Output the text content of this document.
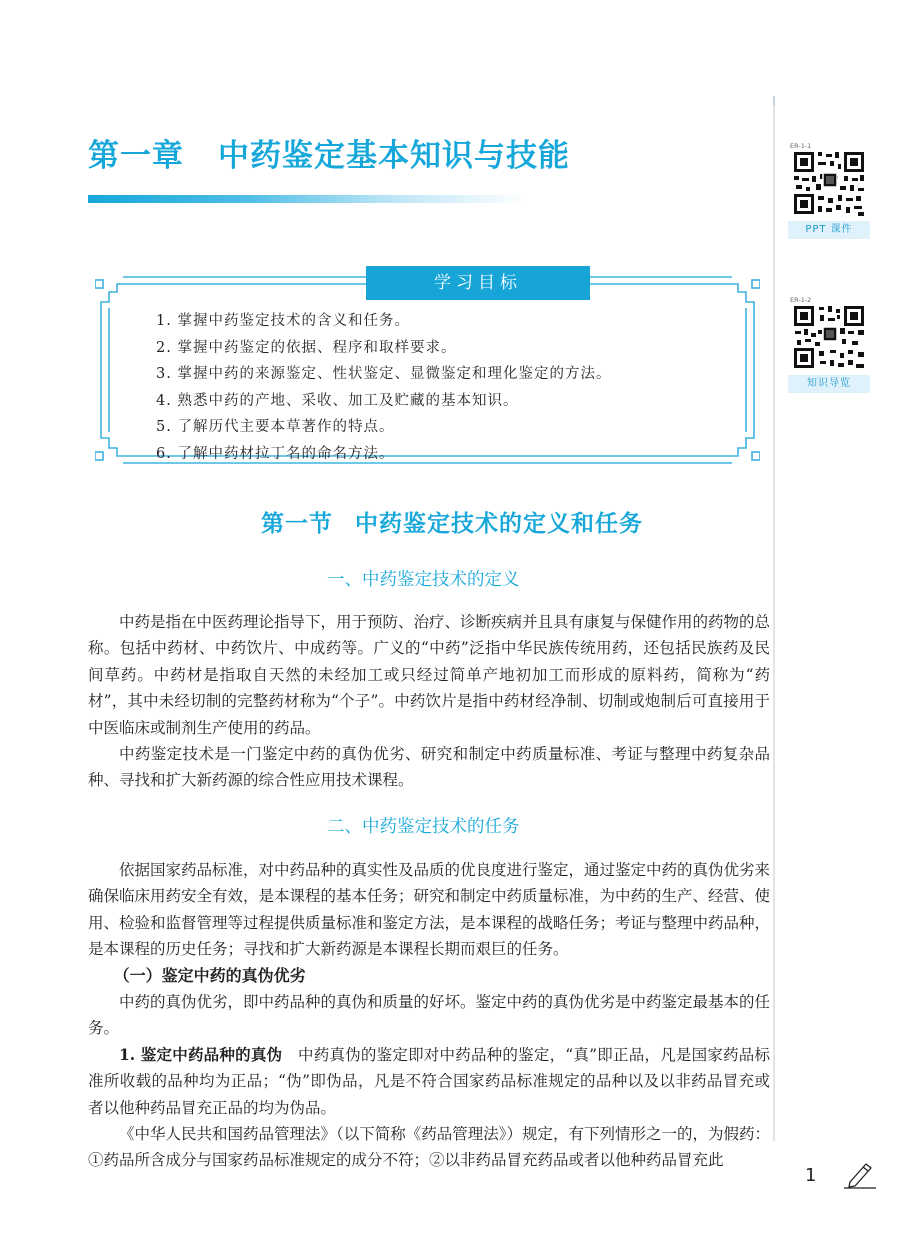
第一章 中药鉴定基本知识与技能	ER-1-1
PPT 课件
ER-1-2
知识导览
学习目标
1. 掌握中药鉴定技术的含义和任务。
2. 掌握中药鉴定的依据、程序和取样要求。
3. 掌握中药的来源鉴定、性状鉴定、显微鉴定和理化鉴定的方法。
4. 熟悉中药的产地、采收、加工及贮藏的基本知识。
5. 了解历代主要本草著作的特点。
6. 了解中药材拉丁名的命名方法。
第一节 中药鉴定技术的定义和任务
一、中药鉴定技术的定义

中药是指在中医药理论指导下，用于预防、治疗、诊断疾病并且具有康复与保健作用的药物的总称。包括中药材、中药饮片、中成药等。广义的“中药”泛指中华民族传统用药，还包括民族药及民间草药。中药材是指取自天然的未经加工或只经过简单产地初加工而形成的原料药，简称为“药材”，其中未经切制的完整药材称为“个子”。中药饮片是指中药材经净制、切制或炮制后可直接用于中医临床或制剂生产使用的药品。

中药鉴定技术是一门鉴定中药的真伪优劣、研究和制定中药质量标准、考证与整理中药复杂品种、寻找和扩大新药源的综合性应用技术课程。

二、中药鉴定技术的任务

依据国家药品标准，对中药品种的真实性及品质的优良度进行鉴定，通过鉴定中药的真伪优劣来确保临床用药安全有效，是本课程的基本任务；研究和制定中药质量标准，为中药的生产、经营、使用、检验和监督管理等过程提供质量标准和鉴定方法，是本课程的战略任务；考证与整理中药品种，是本课程的历史任务；寻找和扩大新药源是本课程长期而艰巨的任务。

（一）鉴定中药的真伪优劣

中药的真伪优劣，即中药品种的真伪和质量的好坏。鉴定中药的真伪优劣是中药鉴定最基本的任务。

1. 鉴定中药品种的真伪　 中药真伪的鉴定即对中药品种的鉴定，“真”即正品，凡是国家药品标准所收载的品种均为正品；“伪”即伪品，凡是不符合国家药品标准规定的品种以及以非药品冒充或者以他种药品冒充正品的均为伪品。

《中华人民共和国药品管理法》（以下简称《药品管理法》）规定，有下列情形之一的，为假药：①药品所含成分与国家药品标准规定的成分不符；②以非药品冒充药品或者以他种药品冒充此

1
